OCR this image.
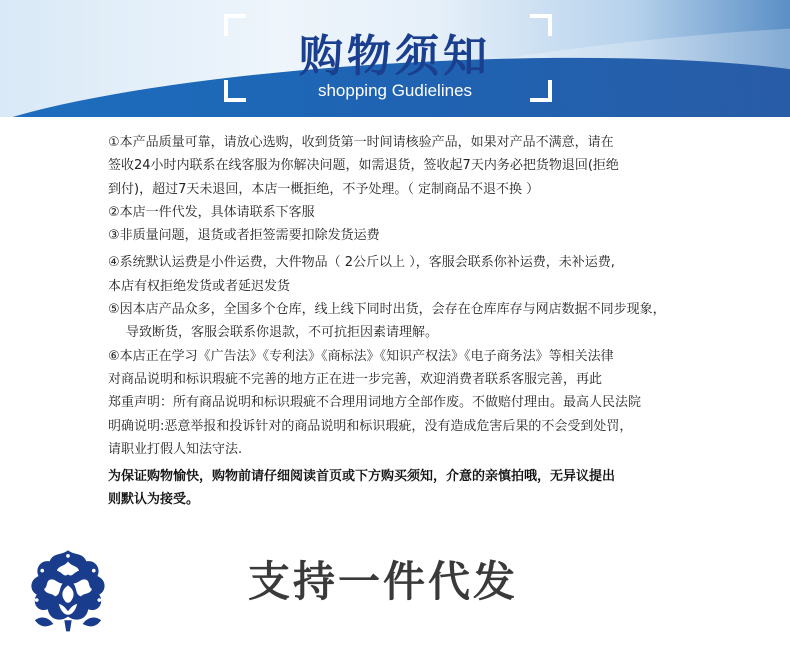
购物须知
shopping Gudielines
①本产品质量可靠，请放心选购，收到货第一时间请核验产品，如果对产品不满意，请在
签收24小时内联系在线客服为你解决问题，如需退货，签收起7天内务必把货物退回(拒绝
到付)，超过7天未退回，本店一概拒绝，不予处理。（ 定制商品不退不换 ）
②本店一件代发，具体请联系下客服
③非质量问题，退货或者拒签需要扣除发货运费
④系统默认运费是小件运费，大件物品（ 2公斤以上 ），客服会联系你补运费，未补运费,
本店有权拒绝发货或者延迟发货
⑤因本店产品众多，全国多个仓库，线上线下同时出货，会存在仓库库存与网店数据不同步现象，
导致断货，客服会联系你退款，不可抗拒因素请理解。
⑥本店正在学习《广告法》《专利法》《商标法》《知识产权法》《电子商务法》等相关法律
对商品说明和标识瑕疵不完善的地方正在进一步完善，欢迎消费者联系客服完善，再此
郑重声明：所有商品说明和标识瑕疵不合理用词地方全部作废。不做赔付理由。最高人民法院
明确说明:恶意举报和投诉针对的商品说明和标识瑕疵，没有造成危害后果的不会受到处罚，
请职业打假人知法守法.
为保证购物愉快，购物前请仔细阅读首页或下方购买须知，介意的亲慎拍哦，无异议提出
则默认为接受。
支持一件代发
